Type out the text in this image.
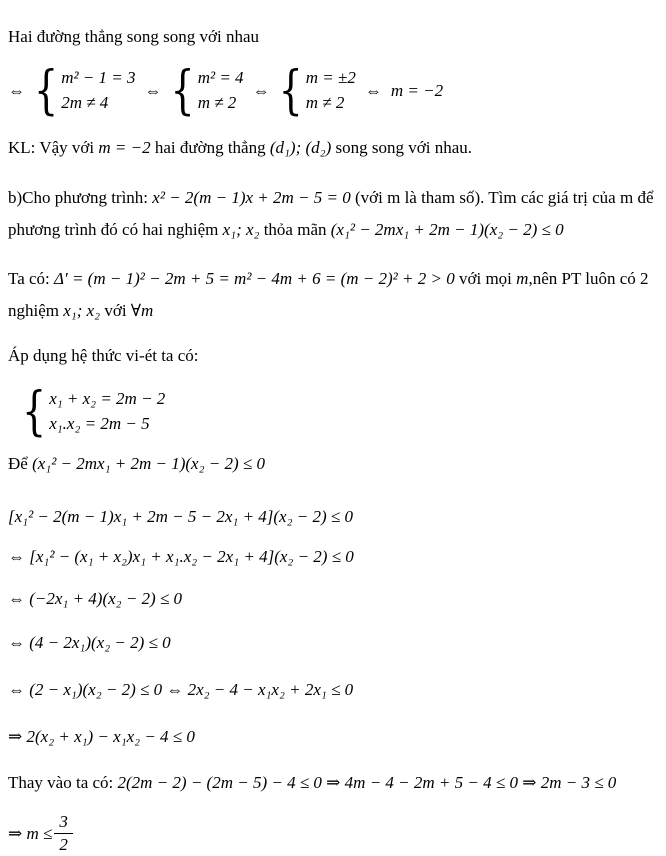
Hai đường thẳng song song với nhau

⇔ { m² − 1 = 3
2m ≠ 4
⇔ { m² = 4
m ≠ 2
⇔ { m = ±2
m ≠ 2
⇔ m = −2

KL: Vậy với m = −2 hai đường thẳng (d₁); (d₂) song song với nhau.

b)Cho phương trình: x² − 2(m − 1)x + 2m − 5 = 0 (với m là tham số). Tìm các giá trị của m để phương trình đó có hai nghiệm x₁; x₂ thỏa mãn (x₁² − 2mx₁ + 2m − 1)(x₂ − 2) ≤ 0

Ta có: Δ′ = (m − 1)² − 2m + 5 = m² − 4m + 6 = (m − 2)² + 2 > 0 với mọi m,nên PT luôn có 2 nghiệm x₁; x₂ với ∀m

Áp dụng hệ thức vi-ét ta có:

{ x₁ + x₂ = 2m − 2
x₁.x₂ = 2m − 5

Để (x₁² − 2mx₁ + 2m − 1)(x₂ − 2) ≤ 0

[x₁² − 2(m − 1)x₁ + 2m − 5 − 2x₁ + 4](x₂ − 2) ≤ 0

⇔ [x₁² − (x₁ + x₂)x₁ + x₁.x₂ − 2x₁ + 4](x₂ − 2) ≤ 0

⇔ (−2x₁ + 4)(x₂ − 2) ≤ 0

⇔ (4 − 2x₁)(x₂ − 2) ≤ 0

⇔ (2 − x₁)(x₂ − 2) ≤ 0 ⇔ 2x₂ − 4 − x₁x₂ + 2x₁ ≤ 0

⇒ 2(x₂ + x₁) − x₁x₂ − 4 ≤ 0

Thay vào ta có: 2(2m − 2) − (2m − 5) − 4 ≤ 0 ⇒ 4m − 4 − 2m + 5 − 4 ≤ 0 ⇒ 2m − 3 ≤ 0

⇒ $m \le \frac{3}{2}$
